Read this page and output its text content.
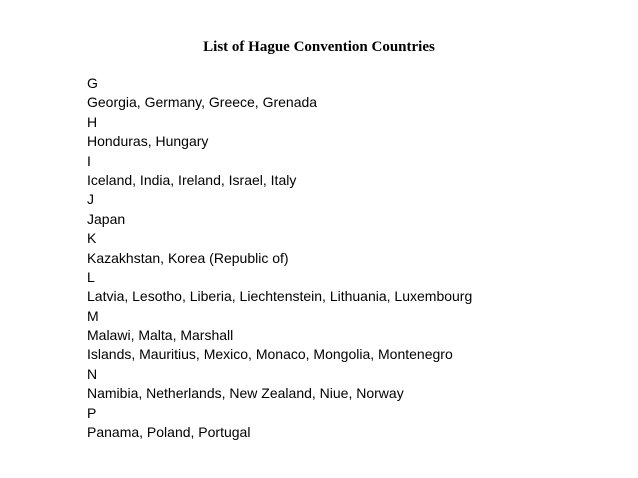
List of Hague Convention Countries
G
Georgia, Germany, Greece, Grenada
H
Honduras, Hungary
I
Iceland, India, Ireland, Israel, Italy
J
Japan
K
Kazakhstan, Korea (Republic of)
L
Latvia, Lesotho, Liberia, Liechtenstein, Lithuania, Luxembourg
M
Malawi, Malta, Marshall
Islands, Mauritius, Mexico, Monaco, Mongolia, Montenegro
N
Namibia, Netherlands, New Zealand, Niue, Norway
P
Panama, Poland, Portugal
